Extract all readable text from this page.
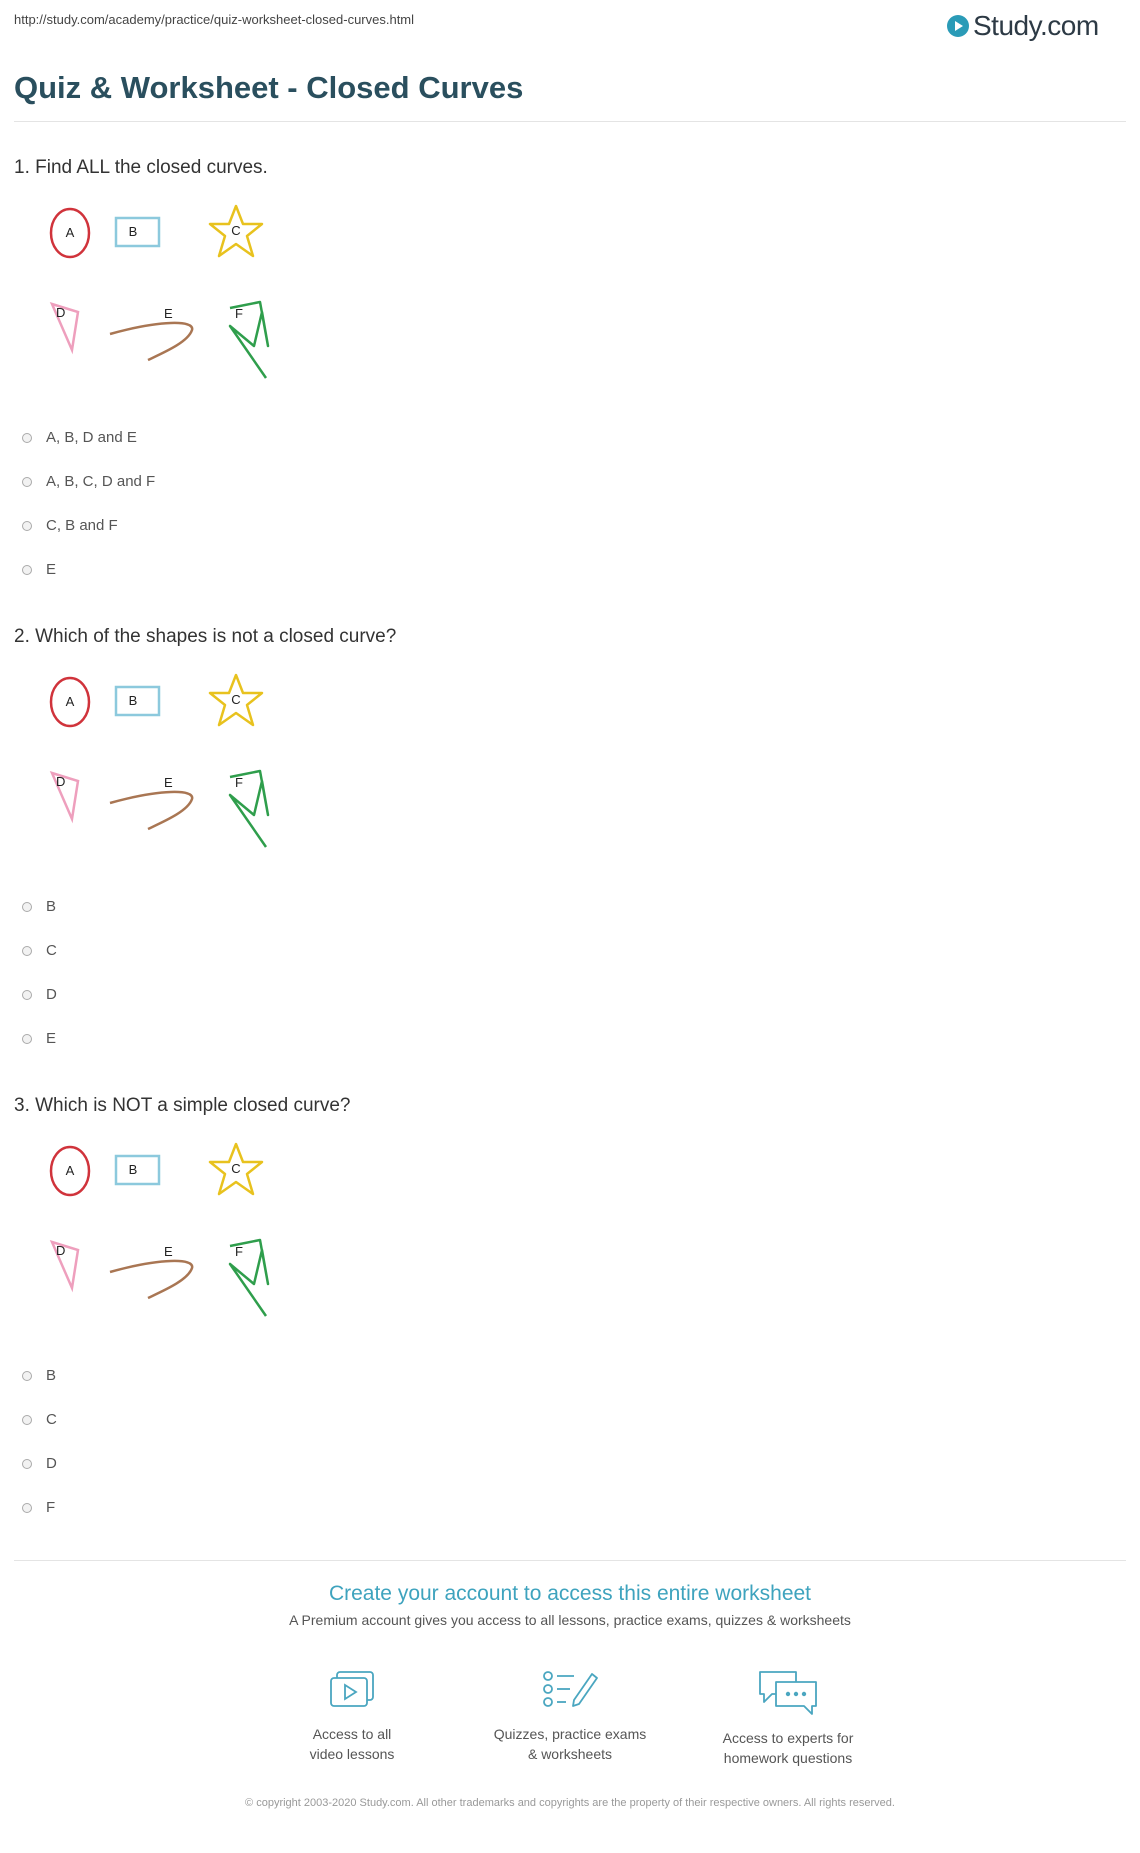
http://study.com/academy/practice/quiz-worksheet-closed-curves.html	Study.com
Quiz & Worksheet - Closed Curves
1. Find ALL the closed curves.
A	B	C
D	E	F
A, B, D and E
A, B, C, D and F
C, B and F
E
2. Which of the shapes is not a closed curve?
A	B	C
D	E	F
B
C
D
E
3. Which is NOT a simple closed curve?
A	B	C
D	E	F
B
C
D
F
Create your account to access this entire worksheet
A Premium account gives you access to all lessons, practice exams, quizzes & worksheets
Access to all
video lessons
Quizzes, practice exams
& worksheets
Access to experts for
homework questions
© copyright 2003-2020 Study.com. All other trademarks and copyrights are the property of their respective owners. All rights reserved.
